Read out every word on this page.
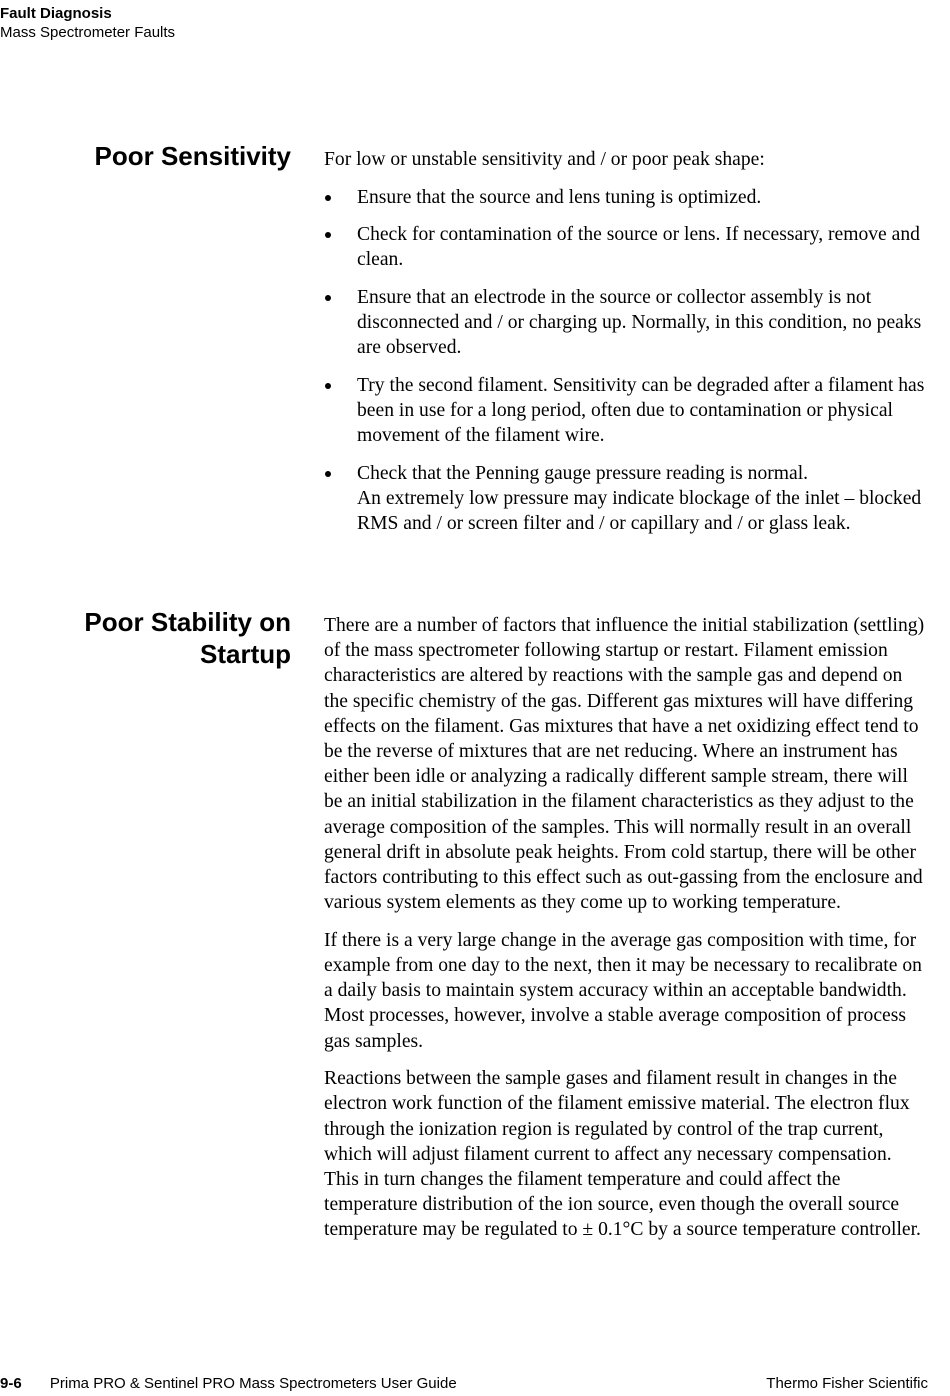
Fault Diagnosis
Mass Spectrometer Faults
Poor Sensitivity For low or unstable sensitivity and / or poor peak shape:

Ensure that the source and lens tuning is optimized.
Check for contamination of the source or lens. If necessary, remove and clean.
Ensure that an electrode in the source or collector assembly is not disconnected and / or charging up. Normally, in this condition, no peaks are observed.
Try the second filament. Sensitivity can be degraded after a filament has been in use for a long period, often due to contamination or physical movement of the filament wire.
Check that the Penning gauge pressure reading is normal.
An extremely low pressure may indicate blockage of the inlet – blocked RMS and / or screen filter and / or capillary and / or glass leak.
Poor Stability on
Startup

There are a number of factors that influence the initial stabilization (settling) of the mass spectrometer following startup or restart. Filament emission characteristics are altered by reactions with the sample gas and depend on the specific chemistry of the gas. Different gas mixtures will have differing effects on the filament. Gas mixtures that have a net oxidizing effect tend to be the reverse of mixtures that are net reducing. Where an instrument has either been idle or analyzing a radically different sample stream, there will be an initial stabilization in the filament characteristics as they adjust to the average composition of the samples. This will normally result in an overall general drift in absolute peak heights. From cold startup, there will be other factors contributing to this effect such as out-gassing from the enclosure and various system elements as they come up to working temperature.

If there is a very large change in the average gas composition with time, for example from one day to the next, then it may be necessary to recalibrate on a daily basis to maintain system accuracy within an acceptable bandwidth. Most processes, however, involve a stable average composition of process gas samples.

Reactions between the sample gases and filament result in changes in the electron work function of the filament emissive material. The electron flux through the ionization region is regulated by control of the trap current, which will adjust filament current to affect any necessary compensation. This in turn changes the filament temperature and could affect the temperature distribution of the ion source, even though the overall source temperature may be regulated to ± 0.1°C by a source temperature controller.

9-6 Prima PRO & Sentinel PRO Mass Spectrometers User Guide	Thermo Fisher Scientific
